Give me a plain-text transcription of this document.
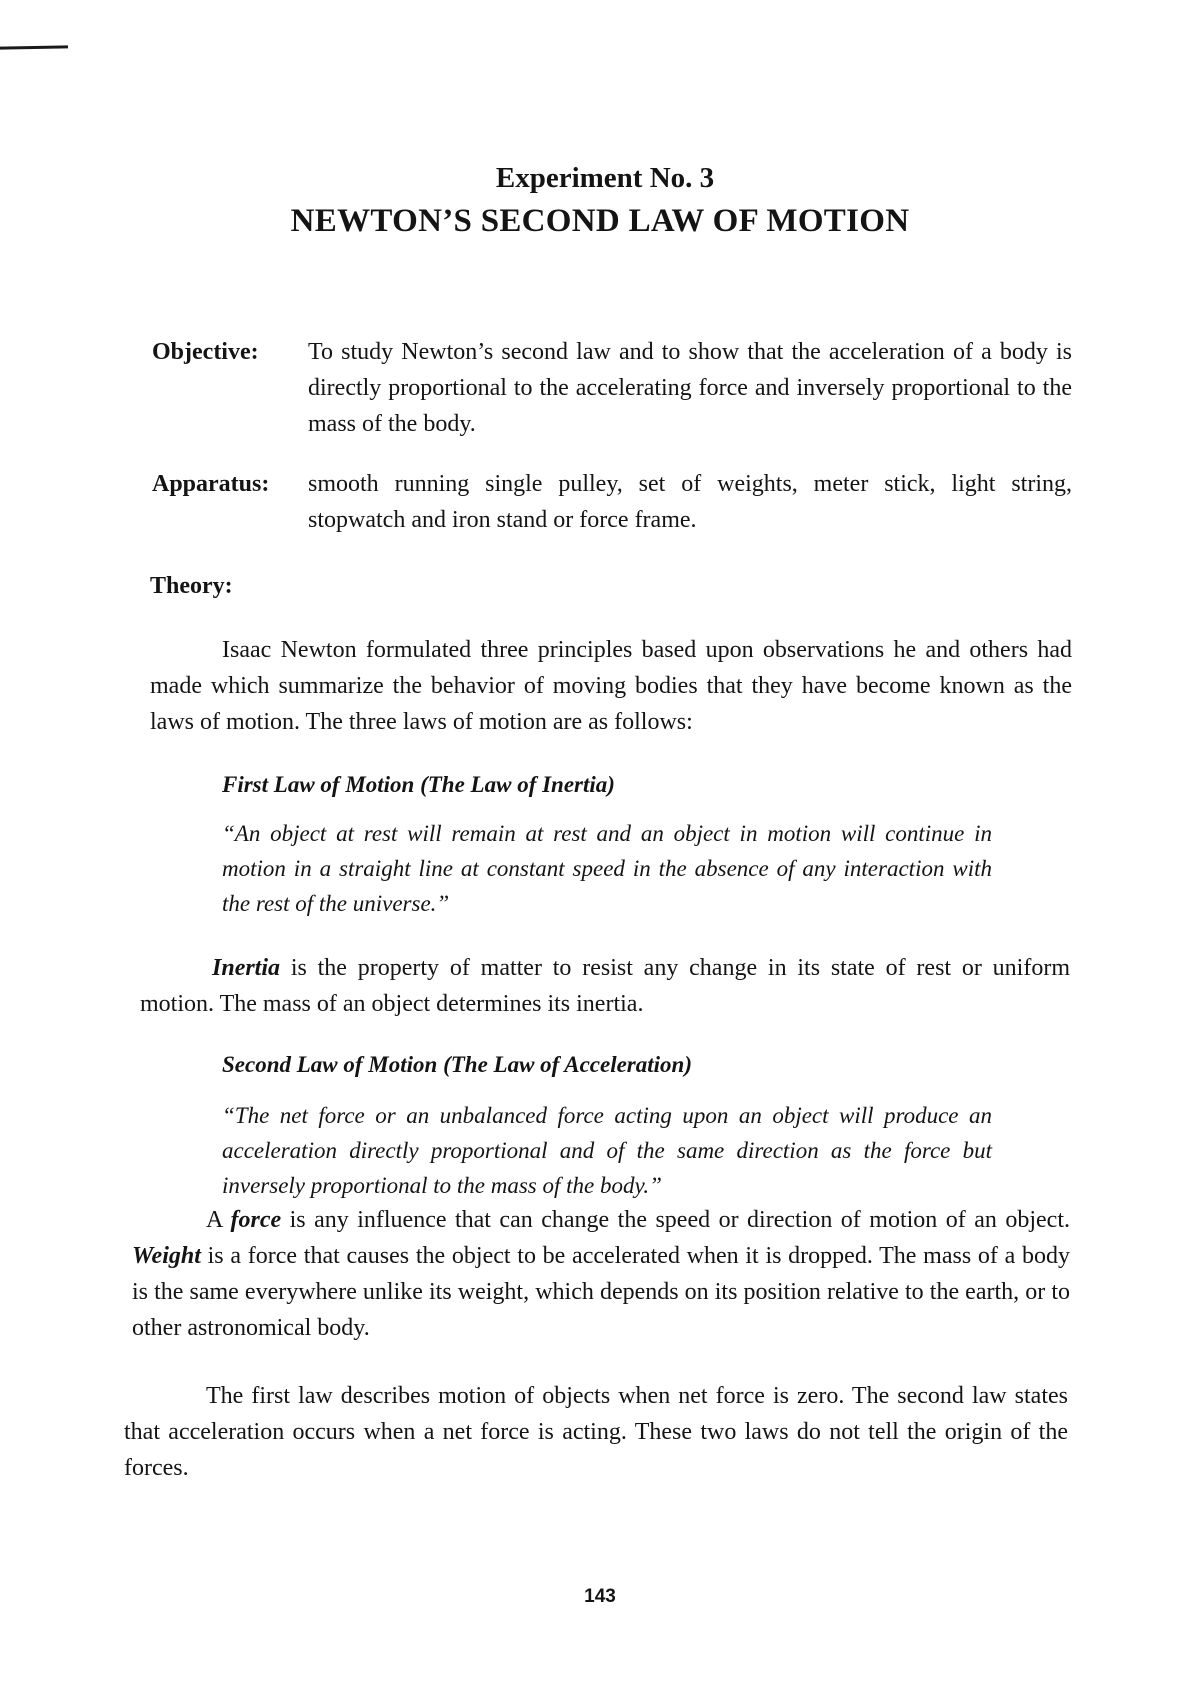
Experiment No. 3
NEWTON’S SECOND LAW OF MOTION
Objective:	To study Newton’s second law and to show that the acceleration of a body is directly proportional to the accelerating force and inversely proportional to the mass of the body.
Apparatus:	smooth running single pulley, set of weights, meter stick, light string, stopwatch and iron stand or force frame.
Theory:
Isaac Newton formulated three principles based upon observations he and others had made which summarize the behavior of moving bodies that they have become known as the laws of motion. The three laws of motion are as follows:
First Law of Motion (The Law of Inertia)
“An object at rest will remain at rest and an object in motion will continue in motion in a straight line at constant speed in the absence of any interaction with the rest of the universe.”
Inertia is the property of matter to resist any change in its state of rest or uniform motion. The mass of an object determines its inertia.
Second Law of Motion (The Law of Acceleration)
“The net force or an unbalanced force acting upon an object will produce an acceleration directly proportional and of the same direction as the force but inversely proportional to the mass of the body.”
A force is any influence that can change the speed or direction of motion of an object. Weight is a force that causes the object to be accelerated when it is dropped. The mass of a body is the same everywhere unlike its weight, which depends on its position relative to the earth, or to other astronomical body.
The first law describes motion of objects when net force is zero. The second law states that acceleration occurs when a net force is acting. These two laws do not tell the origin of the forces.
143
